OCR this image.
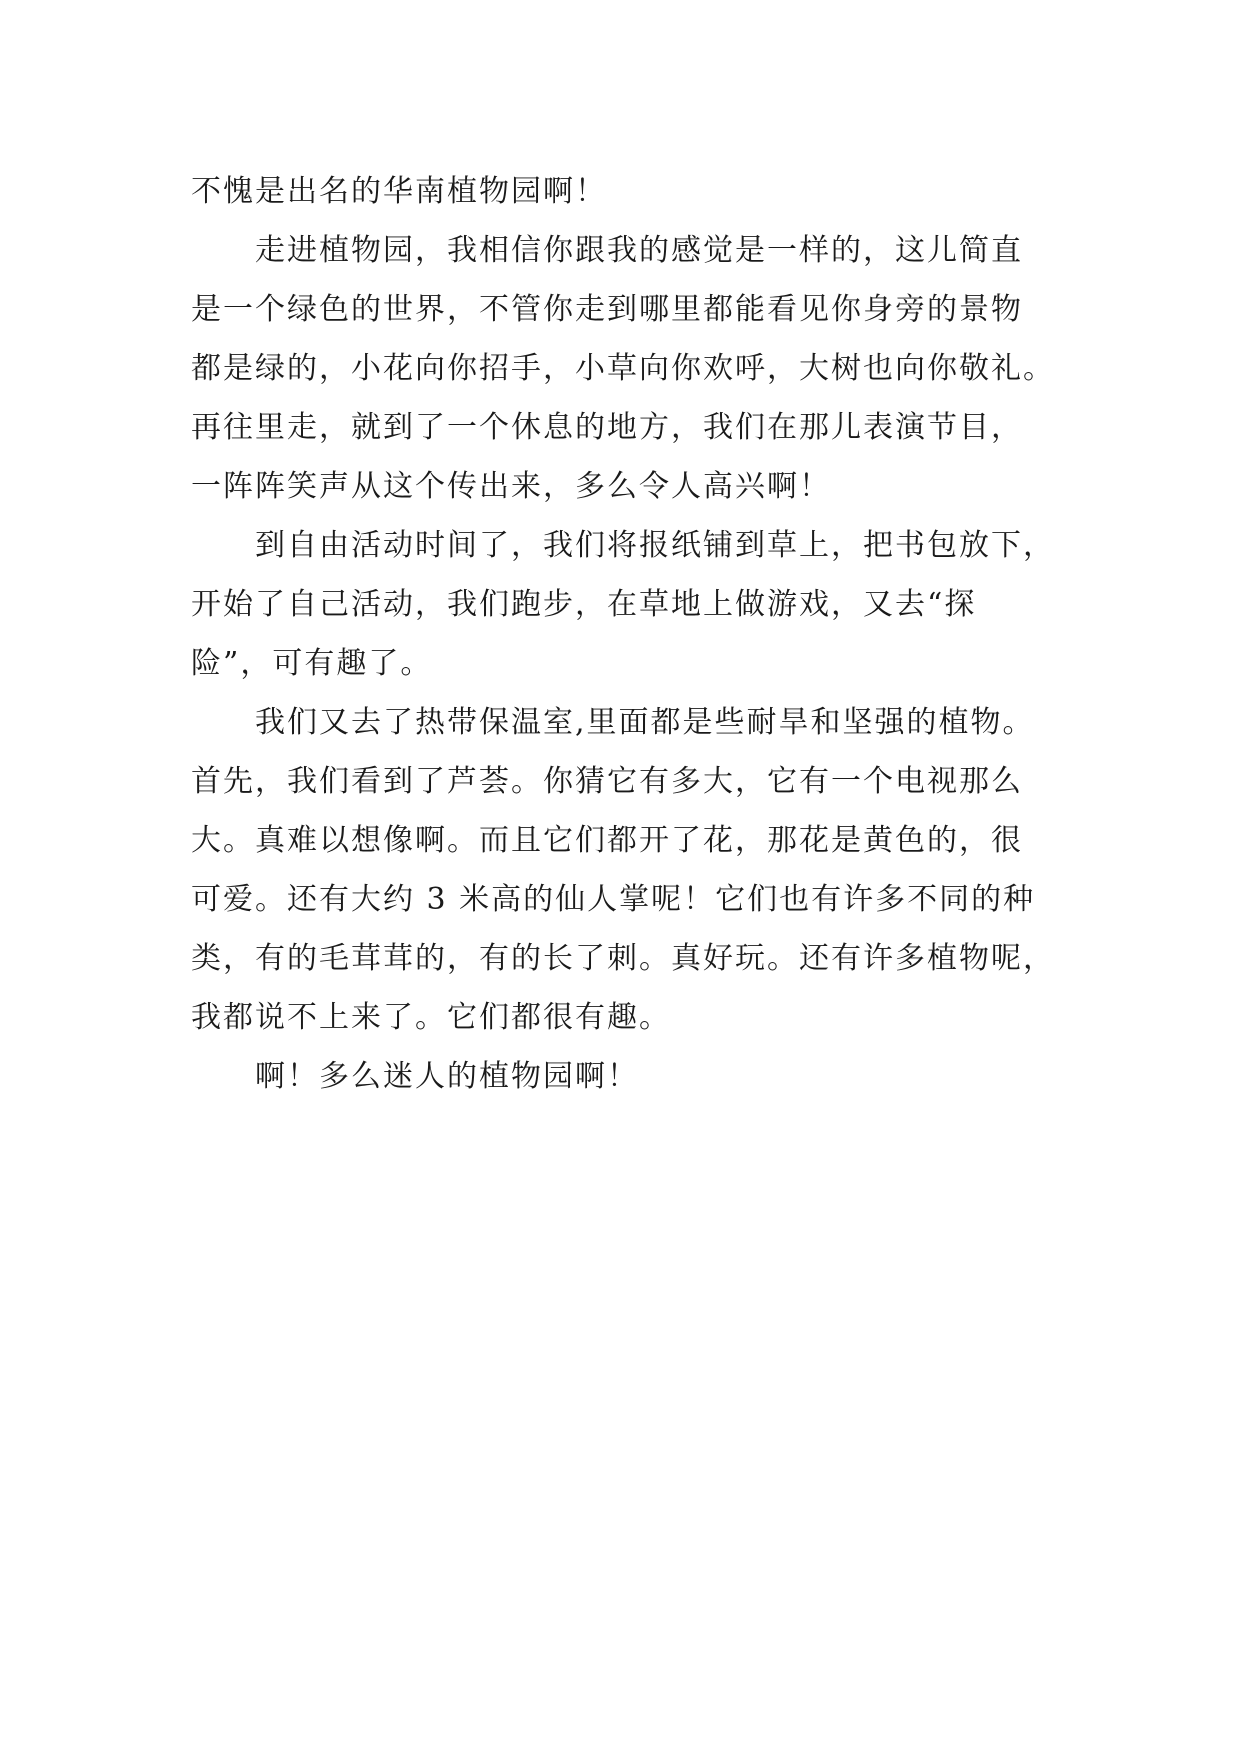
不愧是出名的华南植物园啊！
走进植物园，我相信你跟我的感觉是一样的，这儿简直
是一个绿色的世界，不管你走到哪里都能看见你身旁的景物
都是绿的，小花向你招手，小草向你欢呼，大树也向你敬礼。
再往里走，就到了一个休息的地方，我们在那儿表演节目，
一阵阵笑声从这个传出来，多么令人高兴啊！
到自由活动时间了，我们将报纸铺到草上，把书包放下，
开始了自己活动，我们跑步，在草地上做游戏，又去“探
险”，可有趣了。
我们又去了热带保温室,里面都是些耐旱和坚强的植物。
首先，我们看到了芦荟。你猜它有多大，它有一个电视那么
大。真难以想像啊。而且它们都开了花，那花是黄色的，很
可爱。还有大约 3 米高的仙人掌呢！它们也有许多不同的种
类，有的毛茸茸的，有的长了刺。真好玩。还有许多植物呢，
我都说不上来了。它们都很有趣。
啊！多么迷人的植物园啊！
